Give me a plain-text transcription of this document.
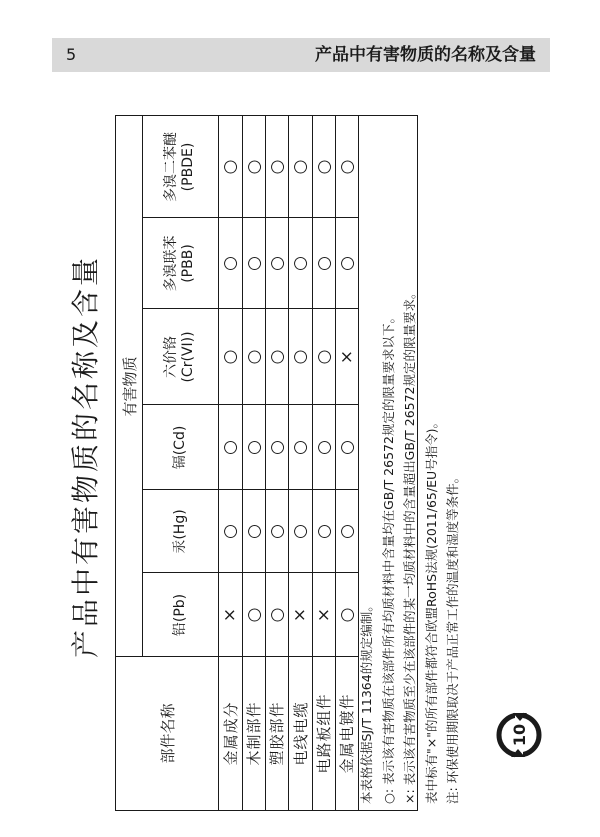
5	产品中有害物质的名称及含量
产品中有害物质的名称及含量
部件名称
有害物质
铅(Pb)
汞(Hg)
镉(Cd)
六价铬 (Cr(VI))
多溴联苯 (PBB)
多溴二苯醚 (PBDE)
金属成分
×
○
○
○
○
○
木制部件
○
○
○
○
○
○
塑胶部件
○
○
○
○
○
○
电线电缆
×
○
○
○
○
○
电路板组件
×
○
○
○
○
○
金属电镀件
○
○
○
×
○
○
本表格依据SJ/T 11364的规定编制。 ○: 表示该有害物质在该部件所有均质材料中含量均在GB/T 26572规定的限量要求以下。 ×: 表示该有害物质至少在该部件的某一均质材料中的含量超出GB/T 26572规定的限量要求。 表中标有"×"的所有部件都符合欧盟RoHS法规(2011/65/EU号指令)。 注: 环保使用期限取决于产品正常工作的温度和湿度等条件。	10
